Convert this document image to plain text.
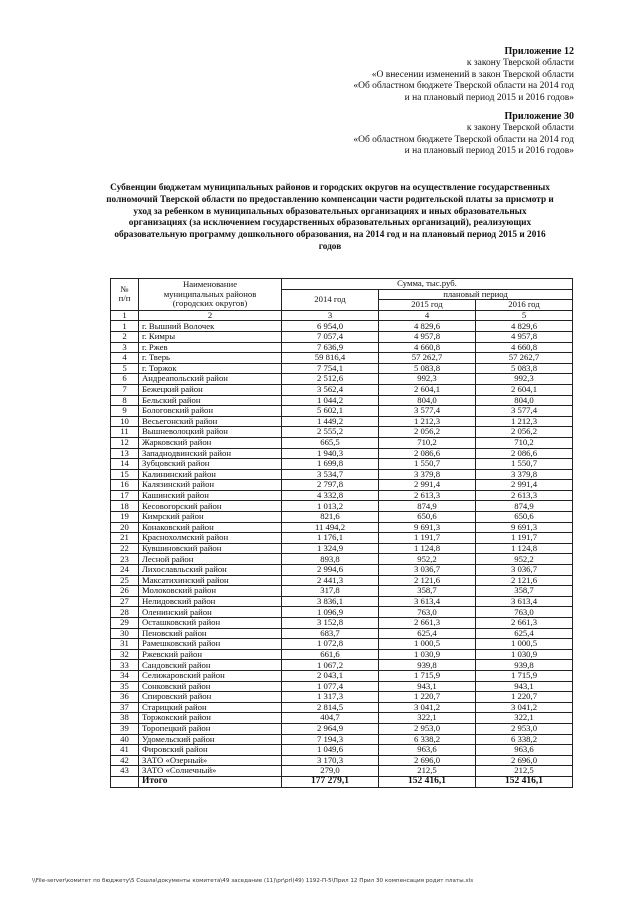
Приложение 12
к закону Тверской области
«О внесении изменений в закон Тверской области
«Об областном бюджете Тверской области на 2014 год
и на плановый период 2015 и 2016 годов»
Приложение 30
к закону Тверской области
«Об областном бюджете Тверской области на 2014 год
и на плановый период 2015 и 2016 годов»
Субвенции бюджетам муниципальных районов и городских округов на осуществление государственных
полномочий Тверской области по предоставлению компенсации части родительской платы за присмотр и
уход за ребенком в муниципальных образовательных организациях и иных образовательных
организациях (за исключением государственных образовательных организаций), реализующих
образовательную программу дошкольного образования, на 2014 год и на плановый период 2015 и 2016
годов
№
п/п	Наименование
муниципальных районов
(городских округов)	Сумма, тыс.руб.		
		2014 год	плановый период	
			2015 год	2016 год
1	2	3	4	5
1	г. Вышний Волочек	6 954,0	4 829,6	4 829,6
2	г. Кимры	7 057,4	4 957,8	4 957,8
3	г. Ржев	7 636,9	4 660,8	4 660,8
4	г. Тверь	59 816,4	57 262,7	57 262,7
5	г. Торжок	7 754,1	5 083,8	5 083,8
6	Андреапольский район	2 512,6	992,3	992,3
7	Бежецкий район	3 562,4	2 604,1	2 604,1
8	Бельский район	1 044,2	804,0	804,0
9	Бологовский район	5 602,1	3 577,4	3 577,4
10	Весьегонский район	1 449,2	1 212,3	1 212,3
11	Вышневолоцкий район	2 555,2	2 056,2	2 056,2
12	Жарковский район	665,5	710,2	710,2
13	Западнодвинский район	1 940,3	2 086,6	2 086,6
14	Зубцовский район	1 699,8	1 550,7	1 550,7
15	Калининский район	3 534,7	3 379,8	3 379,8
16	Калязинский район	2 797,8	2 991,4	2 991,4
17	Кашинский район	4 332,8	2 613,3	2 613,3
18	Кесовогорский район	1 013,2	874,9	874,9
19	Кимрский район	821,6	650,6	650,6
20	Конаковский район	11 494,2	9 691,3	9 691,3
21	Краснохолмский район	1 176,1	1 191,7	1 191,7
22	Кувшиновский район	1 324,9	1 124,8	1 124,8
23	Лесной район	893,8	952,2	952,2
24	Лихославльский район	2 994,6	3 036,7	3 036,7
25	Максатихинский район	2 441,3	2 121,6	2 121,6
26	Молоковский район	317,8	358,7	358,7
27	Нелидовский район	3 836,1	3 613,4	3 613,4
28	Оленинский район	1 096,9	763,0	763,0
29	Осташковский район	3 152,8	2 661,3	2 661,3
30	Пеновский район	683,7	625,4	625,4
31	Рамешковский район	1 072,8	1 000,5	1 000,5
32	Ржевский район	661,6	1 030,9	1 030,9
33	Сандовский район	1 067,2	939,8	939,8
34	Селижаровский район	2 043,1	1 715,9	1 715,9
35	Сонковский район	1 077,4	943,1	943,1
36	Спировский район	1 317,3	1 220,7	1 220,7
37	Старицкий район	2 814,5	3 041,2	3 041,2
38	Торжокский район	404,7	322,1	322,1
39	Торопецкий район	2 964,9	2 953,0	2 953,0
40	Удомельский район	7 194,3	6 338,2	6 338,2
41	Фировский район	1 049,6	963,6	963,6
42	ЗАТО «Озерный»	3 170,3	2 696,0	2 696,0
43	ЗАТО «Солнечный»	279,0	212,5	212,5
	Итого	177 279,1	152 416,1	152 416,1
\\File-server\комитет по бюджету\5 Сошла\документы комитета\49 заседание (11)\pr\prl(49) 1192-П-5\Прил 12 Прил 30 компенсация родит платы.xls
